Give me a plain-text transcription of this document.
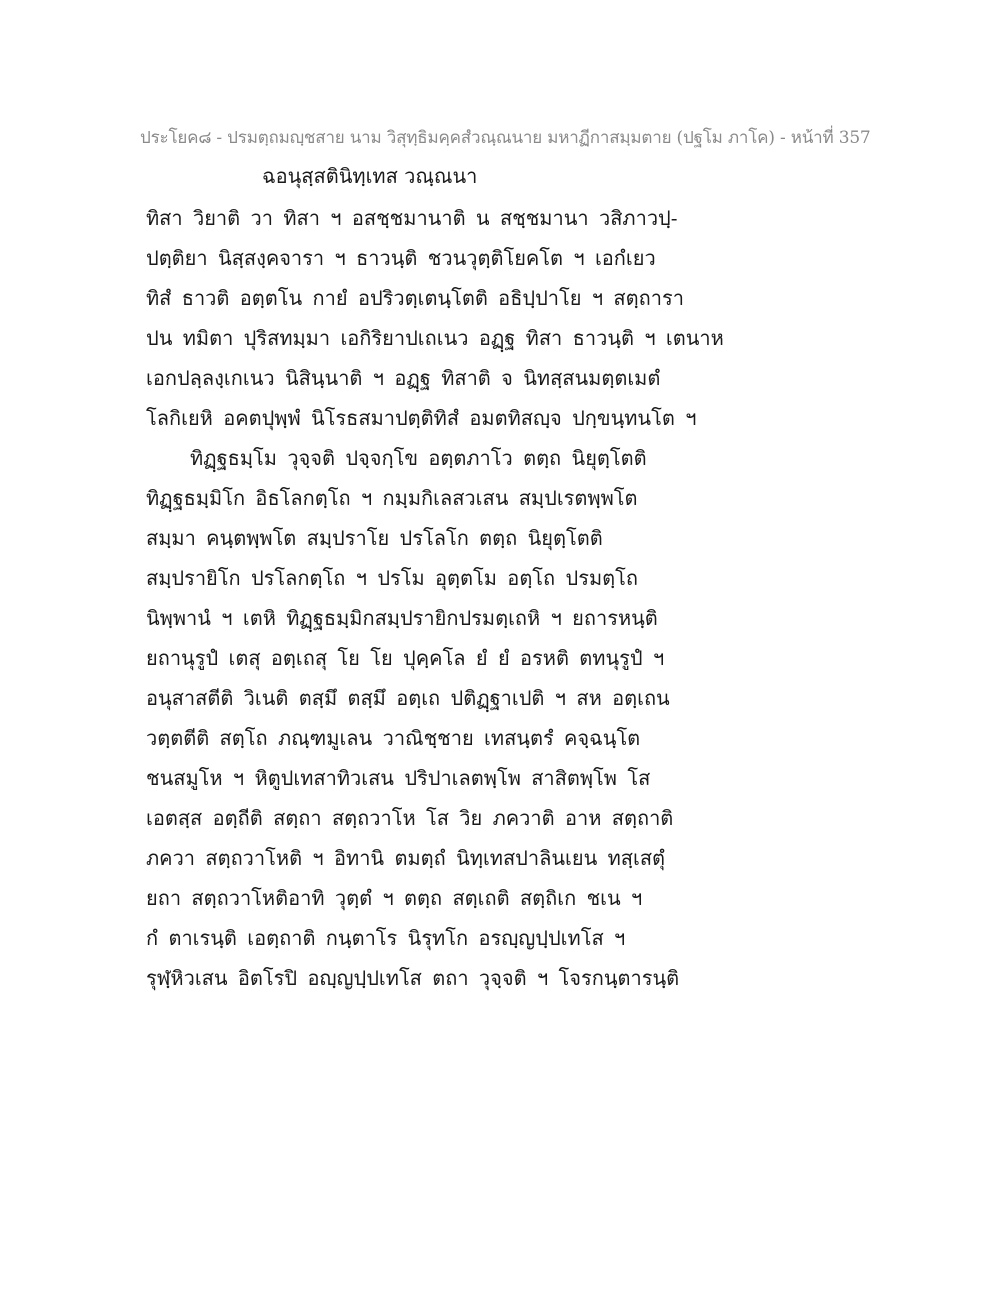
ประโยค๘ - ปรมตฺถมญฺชสาย นาม วิสุทฺธิมคฺคสํวณฺณนาย มหาฏีกาสมฺมตาย (ปฐโม ภาโค) - หน้าที่ 357
ฉอนุสฺสตินิทฺเทส วณฺณนา
ทิสา วิยาติ วา ทิสา ฯ อสชฺชมานาติ น สชฺชมานา วสิภาวปฺ-
ปตฺติยา นิสฺสงฺคจารา ฯ ธาวนฺติ ชวนวุตฺติโยคโต ฯ เอกํเยว
ทิสํ ธาวติ อตฺตโน กายํ อปริวตฺเตนฺโตติ อธิปฺปาโย ฯ สตฺถารา
ปน ทมิตา ปุริสทมฺมา เอกิริยาปเถเนว อฏฺฐ ทิสา ธาวนฺติ ฯ เตนาห
เอกปลฺลงฺเกเนว นิสินฺนาติ ฯ อฏฺฐ ทิสาติ จ นิทสฺสนมตฺตเมตํ
โลกิเยหิ อคตปุพฺพํ นิโรธสมาปตฺติทิสํ อมตทิสญฺจ ปกฺขนฺทนโต ฯ
ทิฏฺฐธมฺโม วุจฺจติ ปจฺจกฺโข อตฺตภาโว ตตฺถ นิยุตฺโตติ
ทิฏฺฐธมฺมิโก อิธโลกตฺโถ ฯ กมฺมกิเลสวเสน สมฺปเรตพฺพโต
สมฺมา คนฺตพฺพโต สมฺปราโย ปรโลโก ตตฺถ นิยุตฺโตติ
สมฺปรายิโก ปรโลกตฺโถ ฯ ปรโม อุตฺตโม อตฺโถ ปรมตฺโถ
นิพฺพานํ ฯ เตหิ ทิฏฺฐธมฺมิกสมฺปรายิกปรมตฺเถหิ ฯ ยถารหนฺติ
ยถานุรูปํ เตสุ อตฺเถสุ โย โย ปุคฺคโล ยํ ยํ อรหติ ตทนุรูปํ ฯ
อนุสาสตีติ วิเนติ ตสฺมึ ตสฺมึ อตฺเถ ปติฏฺฐาเปติ ฯ สห อตฺเถน
วตฺตตีติ สตฺโถ ภณฺฑมูเลน วาณิชฺชาย เทสนฺตรํ คจฺฉนฺโต
ชนสมูโห ฯ หิตูปเทสาทิวเสน ปริปาเลตพฺโพ สาสิตพฺโพ โส
เอตสฺส อตฺถีติ สตฺถา สตฺถวาโห โส วิย ภควาติ อาห สตฺถาติ
ภควา สตฺถวาโหติ ฯ อิทานิ ตมตฺถํ นิทฺเทสปาลินเยน ทสฺเสตุํ
ยถา สตฺถวาโหติอาทิ วุตฺตํ ฯ ตตฺถ สตฺเถติ สตฺถิเก ชเน ฯ
กํ ตาเรนฺติ เอตฺถาติ กนฺตาโร นิรุทโก อรญฺญปฺปเทโส ฯ
รุฬฺหิวเสน อิตโรปิ อญฺญปฺปเทโส ตถา วุจฺจติ ฯ โจรกนฺตารนฺติ
